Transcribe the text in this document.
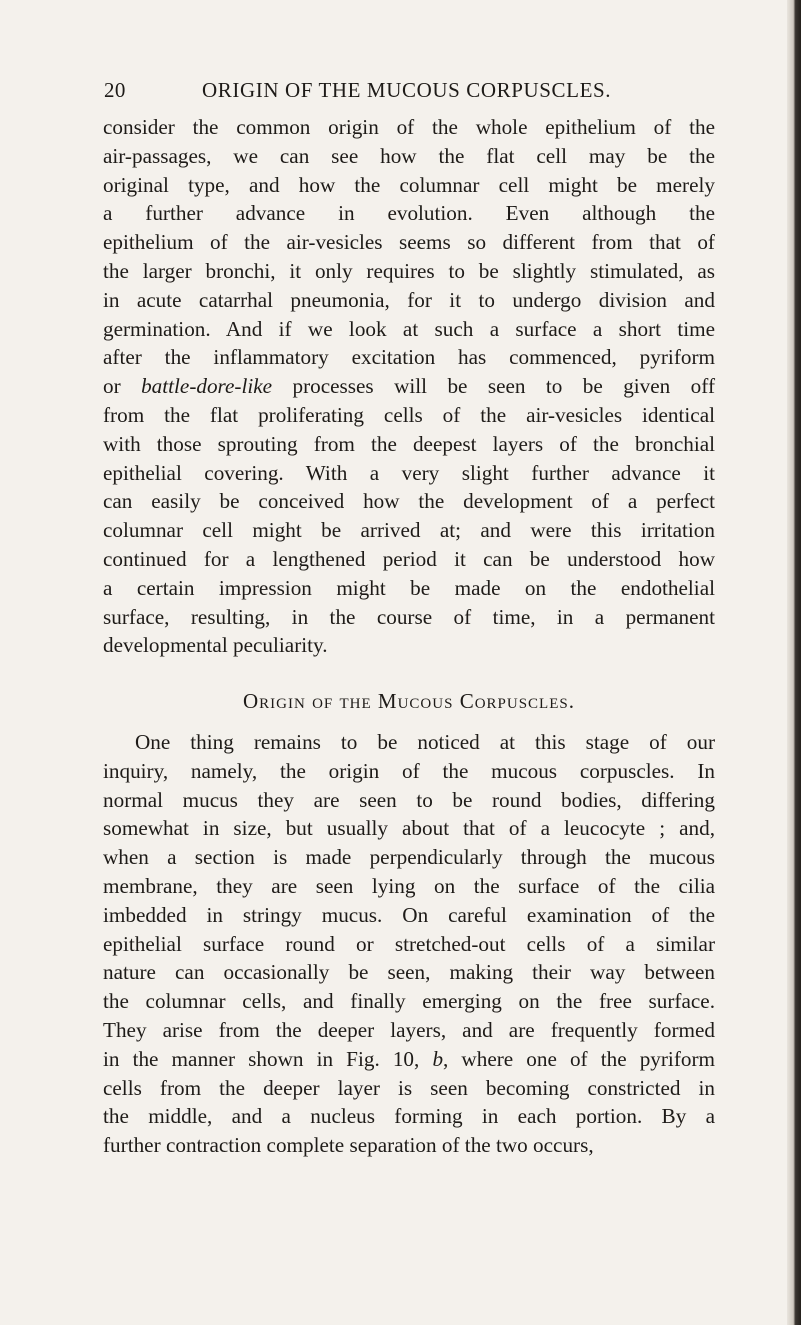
20	ORIGIN OF THE MUCOUS CORPUSCLES.
consider the common origin of the whole epithelium of the
air-passages, we can see how the flat cell may be the
original type, and how the columnar cell might be merely
a further advance in evolution. Even although the
epithelium of the air-vesicles seems so different from that of
the larger bronchi, it only requires to be slightly stimulated, as
in acute catarrhal pneumonia, for it to undergo division and
germination. And if we look at such a surface a short time
after the inflammatory excitation has commenced, pyriform
or battle-dore-like processes will be seen to be given off
from the flat proliferating cells of the air-vesicles identical
with those sprouting from the deepest layers of the bronchial
epithelial covering. With a very slight further advance it
can easily be conceived how the development of a perfect
columnar cell might be arrived at; and were this irritation
continued for a lengthened period it can be understood how
a certain impression might be made on the endothelial
surface, resulting, in the course of time, in a permanent
developmental peculiarity.
Origin of the Mucous Corpuscles.
One thing remains to be noticed at this stage of our
inquiry, namely, the origin of the mucous corpuscles. In
normal mucus they are seen to be round bodies, differing
somewhat in size, but usually about that of a leucocyte ; and,
when a section is made perpendicularly through the mucous
membrane, they are seen lying on the surface of the cilia
imbedded in stringy mucus. On careful examination of the
epithelial surface round or stretched-out cells of a similar
nature can occasionally be seen, making their way between
the columnar cells, and finally emerging on the free surface.
They arise from the deeper layers, and are frequently formed
in the manner shown in Fig. 10, b, where one of the pyriform
cells from the deeper layer is seen becoming constricted in
the middle, and a nucleus forming in each portion. By a
further contraction complete separation of the two occurs,
